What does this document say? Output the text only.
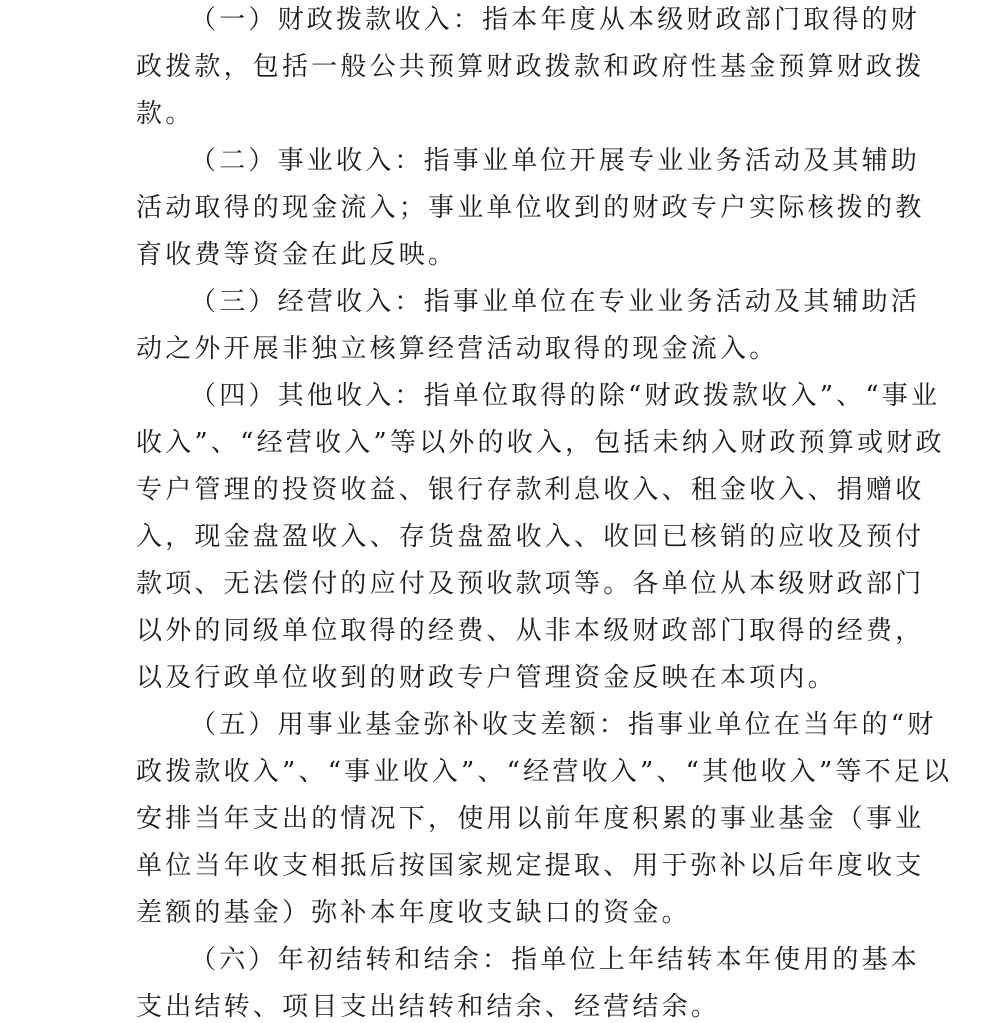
（一）财政拨款收入：指本年度从本级财政部门取得的财
政拨款，包括一般公共预算财政拨款和政府性基金预算财政拨
款。
（二）事业收入：指事业单位开展专业业务活动及其辅助
活动取得的现金流入；事业单位收到的财政专户实际核拨的教
育收费等资金在此反映。
（三）经营收入：指事业单位在专业业务活动及其辅助活
动之外开展非独立核算经营活动取得的现金流入。
（四）其他收入：指单位取得的除“财政拨款收入”、“事业
收入”、“经营收入”等以外的收入，包括未纳入财政预算或财政
专户管理的投资收益、银行存款利息收入、租金收入、捐赠收
入，现金盘盈收入、存货盘盈收入、收回已核销的应收及预付
款项、无法偿付的应付及预收款项等。各单位从本级财政部门
以外的同级单位取得的经费、从非本级财政部门取得的经费，
以及行政单位收到的财政专户管理资金反映在本项内。
（五）用事业基金弥补收支差额：指事业单位在当年的“财
政拨款收入”、“事业收入”、“经营收入”、“其他收入”等不足以
安排当年支出的情况下，使用以前年度积累的事业基金（事业
单位当年收支相抵后按国家规定提取、用于弥补以后年度收支
差额的基金）弥补本年度收支缺口的资金。
（六）年初结转和结余：指单位上年结转本年使用的基本
支出结转、项目支出结转和结余、经营结余。
